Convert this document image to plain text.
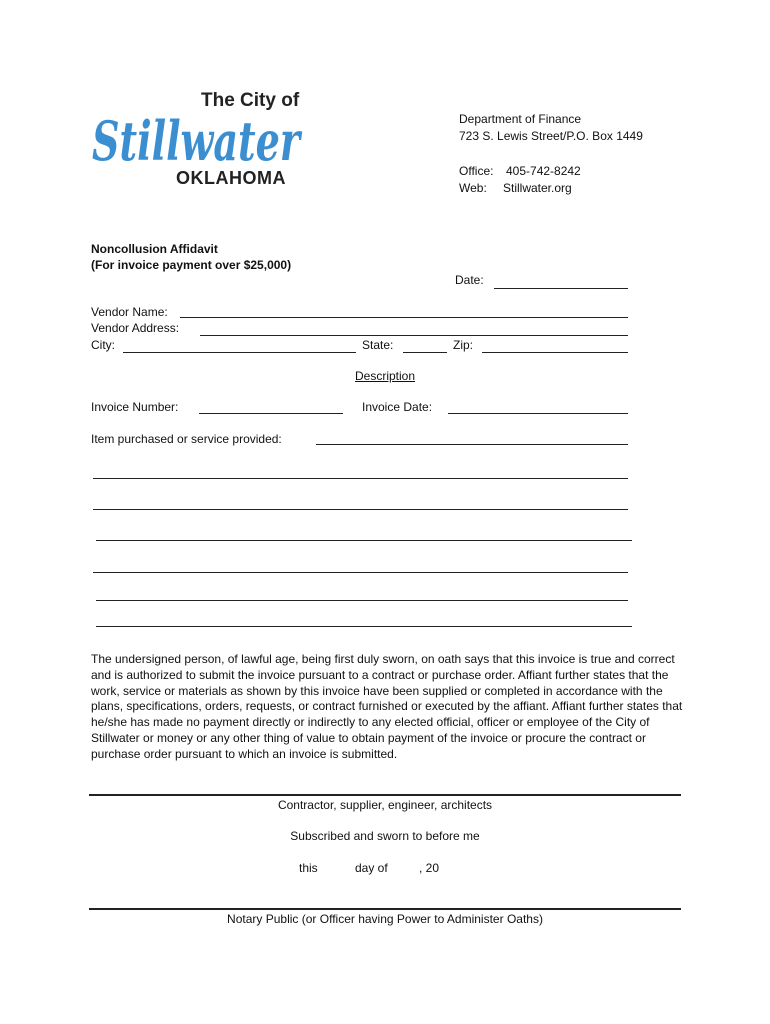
The City of
Stillwater
OKLAHOMA
Department of Finance
723 S. Lewis Street/P.O. Box 1449
Office: 405-742-8242
Web: Stillwater.org
Noncollusion Affidavit
(For invoice payment over $25,000)
Date:
Vendor Name:
Vendor Address:
City:	State:	Zip:
Description
Invoice Number:	Invoice Date:
Item purchased or service provided:
The undersigned person, of lawful age, being first duly sworn, on oath says that this invoice is true and correct and is authorized to submit the invoice pursuant to a contract or purchase order. Affiant further states that the work, service or materials as shown by this invoice have been supplied or completed in accordance with the plans, specifications, orders, requests, or contract furnished or executed by the affiant. Affiant further states that he/she has made no payment directly or indirectly to any elected official, officer or employee of the City of Stillwater or money or any other thing of value to obtain payment of the invoice or procure the contract or purchase order pursuant to which an invoice is submitted.
Contractor, supplier, engineer, architects
Subscribed and sworn to before me
this	day of	, 20
Notary Public (or Officer having Power to Administer Oaths)
